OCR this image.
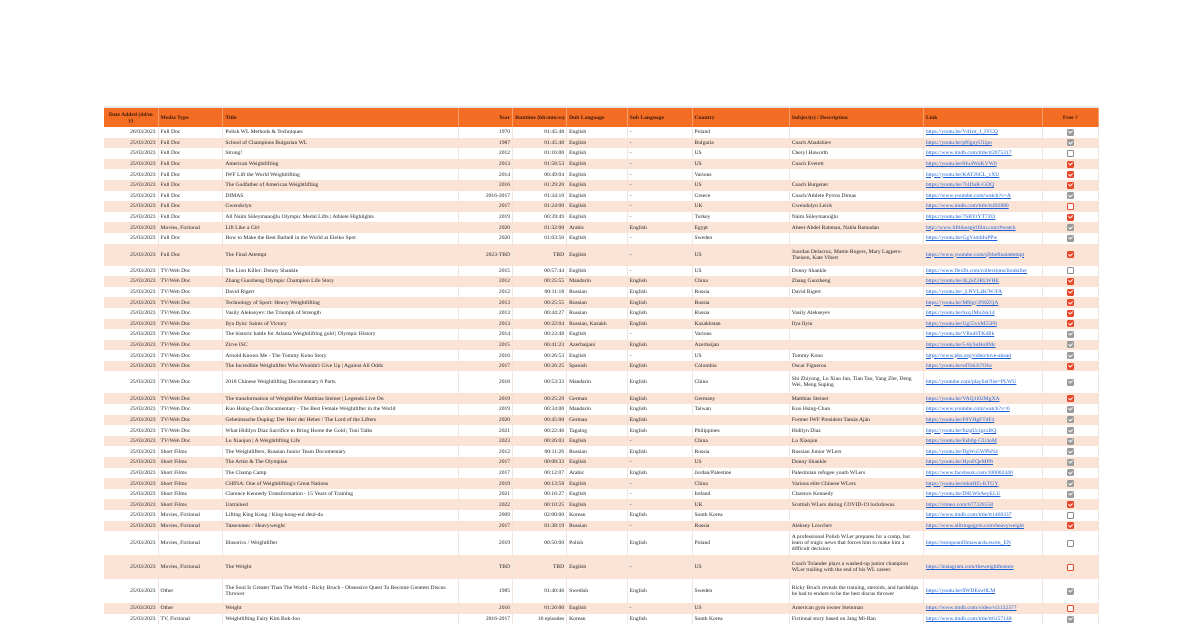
Date Added (dd/m y)	Media Type	Title	Year	Runtime (hh:mm:ss)	Dub Language	Sub Language	Country	Subject(s) / Description	Link	Free ?
26/03/2023	Full Doc	Polish WL Methods & Techniques	1970	01:45:48	English	-	Poland		https://youtu.be/Vd1m_J_IYCQ	
25/03/2023	Full Doc	School of Champions Bulgarian WL	1987	01:45:48	English	-	Bulgaria	Coach Abadzhiev	https://youtu.be/pf6gnyUUpo	
25/03/2023	Full Doc	Strong!	2012	01:16:00	English	-	US	Cheryl Haworth	https://www.imdb.com/title/tt2075317	
25/03/2023	Full Doc	American Weightlifting	2013	01:58:53	English	-	US	Coach Everett	https://youtu.be/8Ju4WoKVW0	
25/03/2023	Full Doc	IWF Lift the World Weightlifting	2014	00:49:04	English	-	Various		https://youtu.be/KAT26CL_cXU	
25/03/2023	Full Doc	The Godfather of American Weightlifting	2016	01:29:20	English	-	US	Coach Burgener	https://youtu.be/7l4DuR-GDQ	
25/03/2023	Full Doc	DIMAS	2016-2017	01:34:10	English	-	Greece	Coach/Athlete Pyrros Dimas	https://www.youtube.com/watch?v=A	
25/03/2023	Full Doc	Gwendolyn	2017	01:24:00	English	-	UK	Gwendolyn Leick	https://www.imdb.com/title/tt492880	
25/03/2023	Full Doc	All Naim Süleymanoğlu Olympic Medal Lifts | Athlete Highlights	2019	00:39:49	English	-	Turkey	Naim Süleymanoğlu	https://youtu.be/7SBYtYT7ZO	
25/03/2023	Movies, Fictional	Lift Like a Girl	2020	01:32:00	Arabic	English	Egypt	Abeer Abdel Rahman, Nahla Ramadan	http://www.liftlikeagirlfilm.com/#watch	
25/03/2023	Full Doc	How to Make the Best Barbell in the World at Eleiko Spot	2020	01:03:50	English	-	Sweden		https://youtu.be/GgYsmbIuPPw	
25/03/2023	Full Doc	The Final Attempt	2023-TBD	TBD	English	-	US	Jourdan Delacruz, Mattie Rogers, Mary Lagpers-Theisen, Kate Vibert	https://www.youtube.com/@thefinalattempt	
25/03/2023	TV/Web Doc	The Lion Killer: Donny Shankle	2015	00:57:44	English	-	US	Donny Shankle	https://www.flexfit.com/collections/lionkiller	
25/03/2023	TV/Web Doc	Zhang Guozheng Olympic Champion Life Story	2012	00:25:55	Mandarin	English	China	Zhang Guozheng	https://youtu.be/4LjSZ3RLWHE	
25/03/2023	TV/Web Doc	David Rigert	2012	00:11:18	Russian	English	Russia	David Rigert	https://youtu.be/_LNVL4K/W/FA	
25/03/2023	TV/Web Doc	Technology of Sport: Heavy Weightlifting	2013	00:25:55	Russian	English	Russia		https://youtu.be/M8lgy3N8ZQA	
25/03/2023	TV/Web Doc	Vasily Alekseyev: the Triumph of Strength	2013	00:44:27	Russian	English	Russia	Vasily Alekseyev	https://youtu.be/hxq1Mo2sk14	
25/03/2023	TV/Web Doc	Ilya Ilyin: Saints of Victory	2013	00:22:04	Russian, Kazakh	English	Kazakhstan	Ilya Ilyin	https://youtu.be/Ug55vxM55P0	
25/03/2023	TV/Web Doc	The historic battle for Atlanta Weightlifting gold | Olympic History	2014	00:23:48	English	-	Various		https://youtu.be/VIbuHTKdIlk	
25/03/2023	TV/Web Doc	Zirve ISC	2015	00:41:23	Azerbaijani	English	Azerbaijan		https://youtu.be/5-8ySuHo8Mc	
25/03/2023	TV/Web Doc	Arnold Knows Me - The Tommy Kono Story	2016	00:26:53	English	-	US	Tommy Kono	https://www.pbs.org/video/tove-ahead	
25/03/2023	TV/Web Doc	The Incredible Weightlifter Who Wouldn't Give Up | Against All Odds	2017	00:26:25	Spanish	English	Colombia	Oscar Figueroa	https://youtu.be/sdTsh3i7Olw	
25/03/2023	TV/Web Doc	2018 Chinese Weightlifting Documentary 6 Parts	2018	00:53:33	Mandarin	English	China	Shi Zhiyong, Lu Xiao Jun, Tian Tao, Yang Zhe, Deng Wei, Meng Suping	https://youtube.com/playlist?list=PLWU	
25/03/2023	TV/Web Doc	The transformation of Weightlifter Matthias Steiner | Legends Live On	2019	00:25:29	German	English	Germany	Matthias Steiner	https://youtu.be/VAQ1i02MgXA	
25/03/2023	TV/Web Doc	Kuo Hsing-Chun Documentary - The Best Female Weightlifter in the World	2019	00:34:00	Mandarin	English	Taiwan	Kuo Hsing-Chun	https://www.youtube.com/watch?v=6	
25/03/2023	TV/Web Doc	Geheimsache Doping: Der Herr der Heber / The Lord of the Lifters	2020	00:45:00	German	English		Former IWF President Tamás Aján	https://youtu.be/F0YHgFTdF4	
25/03/2023	TV/Web Doc	What Hidilyn Diaz Sacrifice to Bring Home the Gold | Toni Talks	2021	00:22:46	Tagalog	English	Philippines	Hidilyn Diaz	https://youtu.be/fuzpUcigzxBQ	
25/03/2023	TV/Web Doc	Lu Xiaojun | A Weightlifting Life	2023	00:26:03	English	-	China	Lu Xiaojun	https://youtu.be/Esh0g-GU4oM	
25/03/2023	Short Films	The Weightlifters, Russian Junior Team Documentary	2012	00:11:26	Russian	English	Russia	Russian Junior WLers	https://youtu.be/DgWu5WPhN4	
25/03/2023	Short Films	The Artist & The Olympian	2017	00:08:33	English	-	US	Donny Shankle	https://youtu.be/HynFQeMPft	
25/03/2023	Short Films	The Champ Camp	2017	00:12:07	Arabic	English	Jordan/Palestine	Palestinian refugee youth WLers	https://www.facebook.com/100002440	
25/03/2023	Short Films	CHINA: One of Weightlifting's Great Nations	2019	00:13:58	English	-	China	Various elite Chinese WLers	https://youtu.be/mknHI5-KTGY	
25/03/2023	Short Films	Clarence Kennedy Transformation - 15 Years of Training	2021	00:16:27	English	-	Ireland	Clarence Kennedy	https://youtu.be/D8LWbAeyELU	
25/03/2023	Short Films	Untrained	2022	00:10:25	English	-	UK	Scottish WLers during COVID-19 lockdowns	https://vimeo.com/677328558	
25/03/2023	Movies, Fictional	Lifting King Kong / King-kong-eul deul-da	2009	02:00:00	Korean	English	South Korea		https://www.imdb.com/title/tt1468337	
25/03/2023	Movies, Fictional	Тяжеловес / Heavyweight	2017	01:38:19	Russian	-	Russia	Aleksey Lowchev	https://www.alltringsgym.com/heavyweight	
25/03/2023	Movies, Fictional	Illusorics / Weightlifter	2019	00:50:00	Polish	English	Poland	A professional Polish WLer prepares for a comp, but learn of tragic news that forces him to make him a difficult decision	https://europeanfilmawards.eu/en_EN	
25/03/2023	Movies, Fictional	The Weight	TBD	TBD	English	-	US	Coach Tolander plays a washed-up junior champion WLer trailing with the end of his WL career.	https://instagram.com/theweightfeature	
25/03/2023	Other	The Soul Is Greater Than The World - Ricky Bruch - Obsessive Quest To Become Greatest Discus Thrower	1985	01:40:46	Swedish	English	Sweden	Ricky Bruch reveals the training, steroids, and hardships he had to endure to be the best discus thrower	https://youtu.be/8WDEsw0LM	
25/03/2023	Other	Weight	2016	01:26:00	English	-	US	American gym owner Steinman	https://www.imdb.com/video/vi3132377	
25/03/2023	TV, Fictional	Weightlifting Fairy Kim Bok-Joo	2016-2017	16 episodes	Korean	English	South Korea	Fictional story based on Jang Mi-Ran	https://www.imdb.com/title/tt6157148	
